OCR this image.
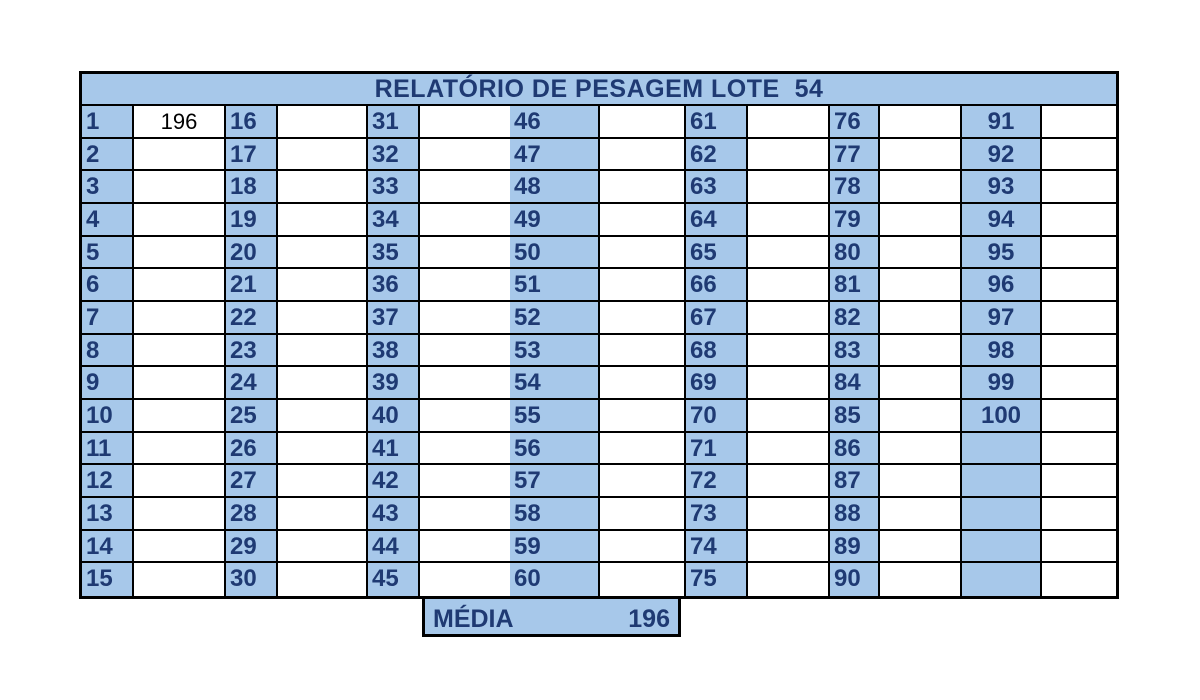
RELATÓRIO DE PESAGEM LOTE  54
1	196
2
3
4
5
6
7
8
9
10
11
12
13
14
15
16
17
18
19
20
21
22
23
24
25
26
27
28
29
30
31
32
33
34
35
36
37
38
39
40
41
42
43
44
45
46
47
48
49
50
51
52
53
54
55
56
57
58
59
60
61
62
63
64
65
66
67
68
69
70
71
72
73
74
75
76
77
78
79
80
81
82
83
84
85
86
87
88
89
90
91
92
93
94
95
96
97
98
99
100
MÉDIA	196
